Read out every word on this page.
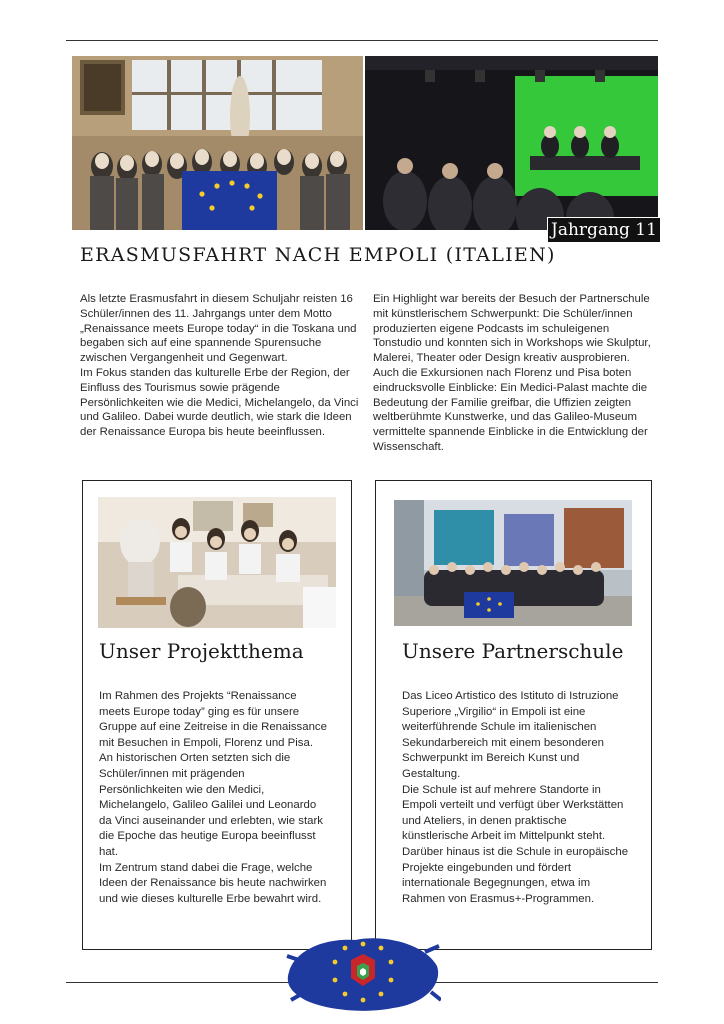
Jahrgang 11
ERASMUSFAHRT NACH EMPOLI (ITALIEN)

Als letzte Erasmusfahrt in diesem Schuljahr reisten 16 Schüler/innen des 11. Jahrgangs unter dem Motto „Renaissance meets Europe today“ in die Toskana und begaben sich auf eine spannende Spurensuche zwischen Vergangenheit und Gegenwart.

Im Fokus standen das kulturelle Erbe der Region, der Einfluss des Tourismus sowie prägende Persönlichkeiten wie die Medici, Michelangelo, da Vinci und Galileo. Dabei wurde deutlich, wie stark die Ideen der Renaissance Europa bis heute beeinflussen.

Ein Highlight war bereits der Besuch der Partnerschule mit künstlerischem Schwerpunkt: Die Schüler/innen produzierten eigene Podcasts im schuleigenen Tonstudio und konnten sich in Workshops wie Skulptur, Malerei, Theater oder Design kreativ ausprobieren.

Auch die Exkursionen nach Florenz und Pisa boten eindrucksvolle Einblicke: Ein Medici-Palast machte die Bedeutung der Familie greifbar, die Uffizien zeigten weltberühmte Kunstwerke, und das Galileo-Museum vermittelte spannende Einblicke in die Entwicklung der Wissenschaft.

Unser Projektthema

Im Rahmen des Projekts “Renaissance meets Europe today” ging es für unsere Gruppe auf eine Zeitreise in die Renaissance mit Besuchen in Empoli, Florenz und Pisa. An historischen Orten setzten sich die Schüler/innen mit prägenden Persönlichkeiten wie den Medici, Michelangelo, Galileo Galilei und Leonardo da Vinci auseinander und erlebten, wie stark die Epoche das heutige Europa beeinflusst hat.

Im Zentrum stand dabei die Frage, welche Ideen der Renaissance bis heute nachwirken und wie dieses kulturelle Erbe bewahrt wird.

Unsere Partnerschule

Das Liceo Artistico des Istituto di Istruzione Superiore „Virgilio“ in Empoli ist eine weiterführende Schule im italienischen Sekundarbereich mit einem besonderen Schwerpunkt im Bereich Kunst und Gestaltung.

Die Schule ist auf mehrere Standorte in Empoli verteilt und verfügt über Werkstätten und Ateliers, in denen praktische künstlerische Arbeit im Mittelpunkt steht.

Darüber hinaus ist die Schule in europäische Projekte eingebunden und fördert internationale Begegnungen, etwa im Rahmen von Erasmus+-Programmen.
